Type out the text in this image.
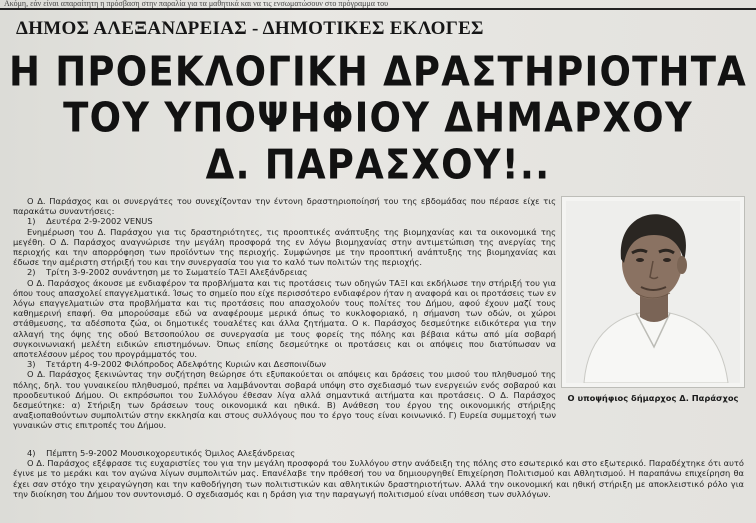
Ακόμη, εάν είναι απαραίτητη η πρόσβαση στην παραλία για τα μαθητικά και να τις ενσωματώσουν στο πρόγραμμα του
ΔΗΜΟΣ ΑΛΕΞΑΝΔΡΕΙΑΣ - ΔΗΜΟΤΙΚΕΣ ΕΚΛΟΓΕΣ
Η ΠΡΟΕΚΛΟΓΙΚΗ ΔΡΑΣΤΗΡΙΟΤΗΤΑ
ΤΟΥ ΥΠΟΨΗΦΙΟΥ ΔΗΜΑΡΧΟΥ
Δ. ΠΑΡΑΣΧΟΥ!..

Ο Δ. Παράσχος και οι συνεργάτες του συνεχίζονταν την έντονη δραστηριοποίησή του της εβδομάδας που πέρασε είχε τις παρακάτω συναντήσεις:

1)    Δευτέρα 2-9-2002 VENUS

Ενημέρωση του Δ. Παράσχου για τις δραστηριότητες, τις προοπτικές ανάπτυξης της βιομηχανίας και τα οικονομικά της μεγέθη. Ο Δ. Παράσχος αναγνώρισε την μεγάλη προσφορά της εν λόγω βιομηχανίας στην αντιμετώπιση της ανεργίας της περιοχής και την απορρόφηση των προϊόντων της περιοχής. Συμφώνησε με την προοπτική ανάπτυξης της βιομηχανίας και έδωσε την αμέριστη στήριξή του και την συνεργασία του για το καλό των πολιτών της περιοχής.

2)    Τρίτη 3-9-2002 συνάντηση με το Σωματείο ΤΑΞΙ Αλεξάνδρειας

Ο Δ. Παράσχος άκουσε με ενδιαφέρον τα προβλήματα και τις προτάσεις των οδηγών ΤΑΞΙ και εκδήλωσε την στήριξή του για όπου τους απασχολεί επαγγελματικά. Ίσως το σημείο που είχε περισσότερο ενδιαφέρον ήταν η αναφορά και οι προτάσεις των εν λόγω επαγγελματιών στα προβλήματα και τις προτάσεις που απασχολούν τους πολίτες του Δήμου, αφού έχουν μαζί τους καθημερινή επαφή. Θα μπορούσαμε εδώ να αναφέρουμε μερικά όπως το κυκλοφοριακό, η σήμανση των οδών, οι χώροι στάθμευσης, τα αδέσποτα ζώα, οι δημοτικές τουαλέτες και άλλα ζητήματα. Ο κ. Παράσχος δεσμεύτηκε ειδικότερα για την αλλαγή της όψης της οδού Βετσοπούλου σε συνεργασία με τους φορείς της πόλης και βέβαια κάτω από μία σοβαρή συγκοινωνιακή μελέτη ειδικών επιστημόνων. Όπως επίσης δεσμεύτηκε οι προτάσεις και οι απόψεις που διατύπωσαν να αποτελέσουν μέρος του προγράμματός του.

3)    Τετάρτη 4-9-2002 Φιλόπροδος Αδελφότης Κυριών και Δεσποινίδων

Ο Δ. Παράσχος ξεκινώντας την συζήτηση θεώρησε ότι εξυπακούεται οι απόψεις και δράσεις του μισού του πληθυσμού της πόλης, δηλ. του γυναικείου πληθυσμού, πρέπει να λαμβάνονται σοβαρά υπόψη στο σχεδιασμό των ενεργειών ενός σοβαρού και προοδευτικού Δήμου. Οι εκπρόσωποι του Συλλόγου έθεσαν λίγα αλλά σημαντικά αιτήματα και προτάσεις. Ο Δ. Παράσχος δεσμεύτηκε: α) Στήριξη των δράσεων τους οικονομικά και ηθικά. Β) Ανάθεση του έργου της οικονομικής στήριξης αναξιοπαθούντων συμπολιτών στην εκκλησία και στους συλλόγους που το έργο τους είναι κοινωνικό. Γ) Ευρεία συμμετοχή των γυναικών στις επιτροπές του Δήμου.

Ο υποψήφιος δήμαρχος Δ. Παράσχος

4)    Πέμπτη 5-9-2002 Μουσικοχορευτικός Όμιλος Αλεξάνδρειας

Ο Δ. Παράσχος εξέφρασε τις ευχαριστίες του για την μεγάλη προσφορά του Συλλόγου στην ανάδειξη της πόλης στο εσωτερικό και στο εξωτερικό. Παραδέχτηκε ότι αυτό έγινε με το μεράκι και τον αγώνα λίγων συμπολιτών μας. Επανέλαβε την πρόθεσή του να δημιουργηθεί Επιχείρηση Πολιτισμού και Αθλητισμού. Η παραπάνω επιχείρηση θα έχει σαν στόχο την χειραγώγηση και την καθοδήγηση των πολιτιστικών και αθλητικών δραστηριοτήτων. Αλλά την οικονομική και ηθική στήριξη με αποκλειστικό ρόλο για την διοίκηση του Δήμου τον συντονισμό. Ο σχεδιασμός και η δράση για την παραγωγή πολιτισμού είναι υπόθεση των συλλόγων.
